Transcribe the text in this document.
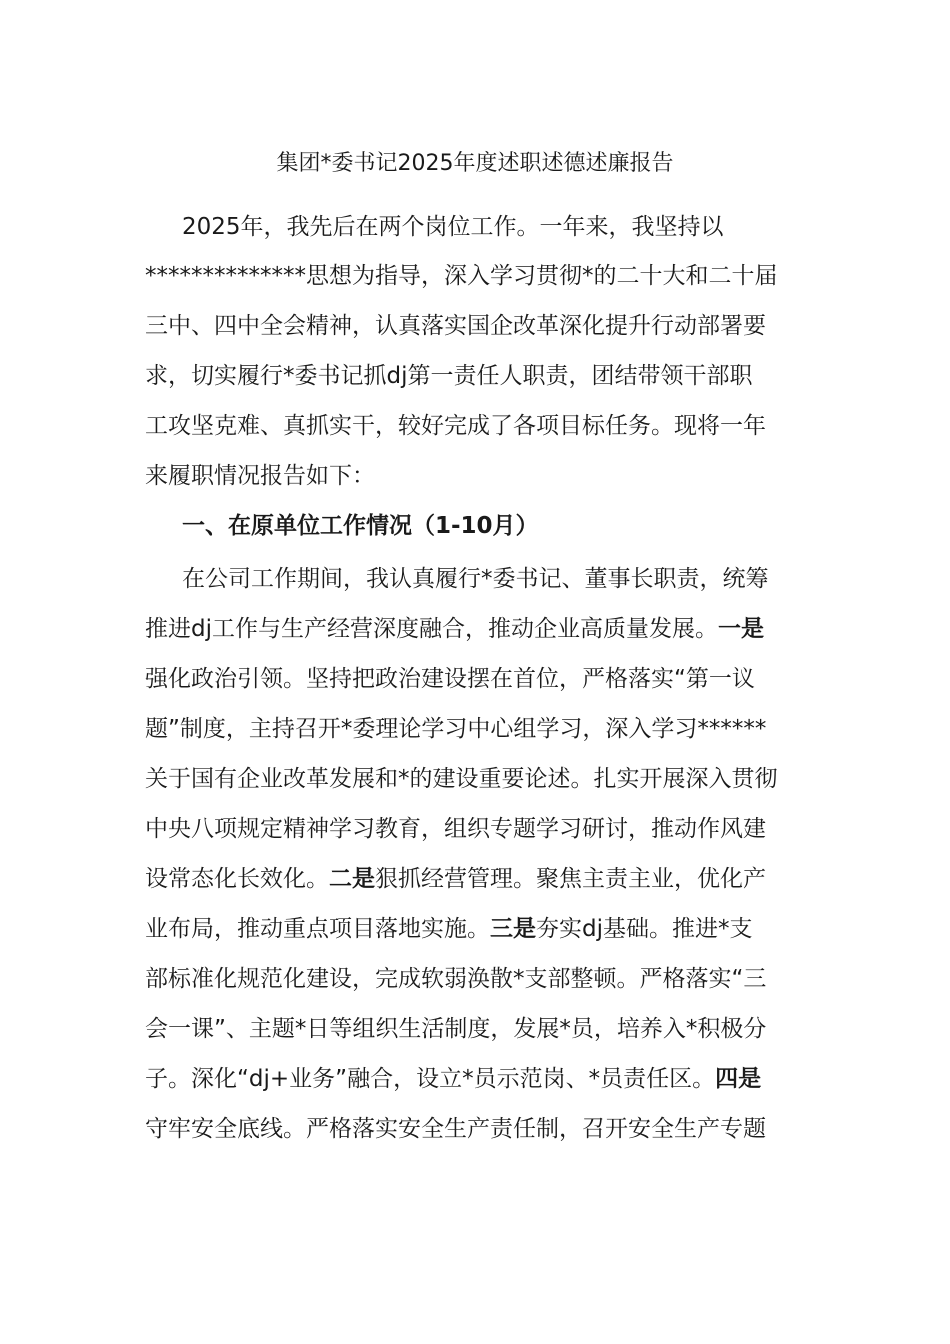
集团*委书记2025年度述职述德述廉报告

2025年，我先后在两个岗位工作。一年来，我坚持以

**************思想为指导，深入学习贯彻*的二十大和二十届

三中、四中全会精神，认真落实国企改革深化提升行动部署要

求，切实履行*委书记抓dj第一责任人职责，团结带领干部职

工攻坚克难、真抓实干，较好完成了各项目标任务。现将一年

来履职情况报告如下：

一、在原单位工作情况（1-10月）

在公司工作期间，我认真履行*委书记、董事长职责，统筹

推进dj工作与生产经营深度融合，推动企业高质量发展。一是

强化政治引领。坚持把政治建设摆在首位，严格落实“第一议

题”制度，主持召开*委理论学习中心组学习，深入学习******

关于国有企业改革发展和*的建设重要论述。扎实开展深入贯彻

中央八项规定精神学习教育，组织专题学习研讨，推动作风建

设常态化长效化。二是狠抓经营管理。聚焦主责主业，优化产

业布局，推动重点项目落地实施。三是夯实dj基础。推进*支

部标准化规范化建设，完成软弱涣散*支部整顿。严格落实“三

会一课”、主题*日等组织生活制度，发展*员，培养入*积极分

子。深化“dj+业务”融合，设立*员示范岗、*员责任区。四是

守牢安全底线。严格落实安全生产责任制，召开安全生产专题
